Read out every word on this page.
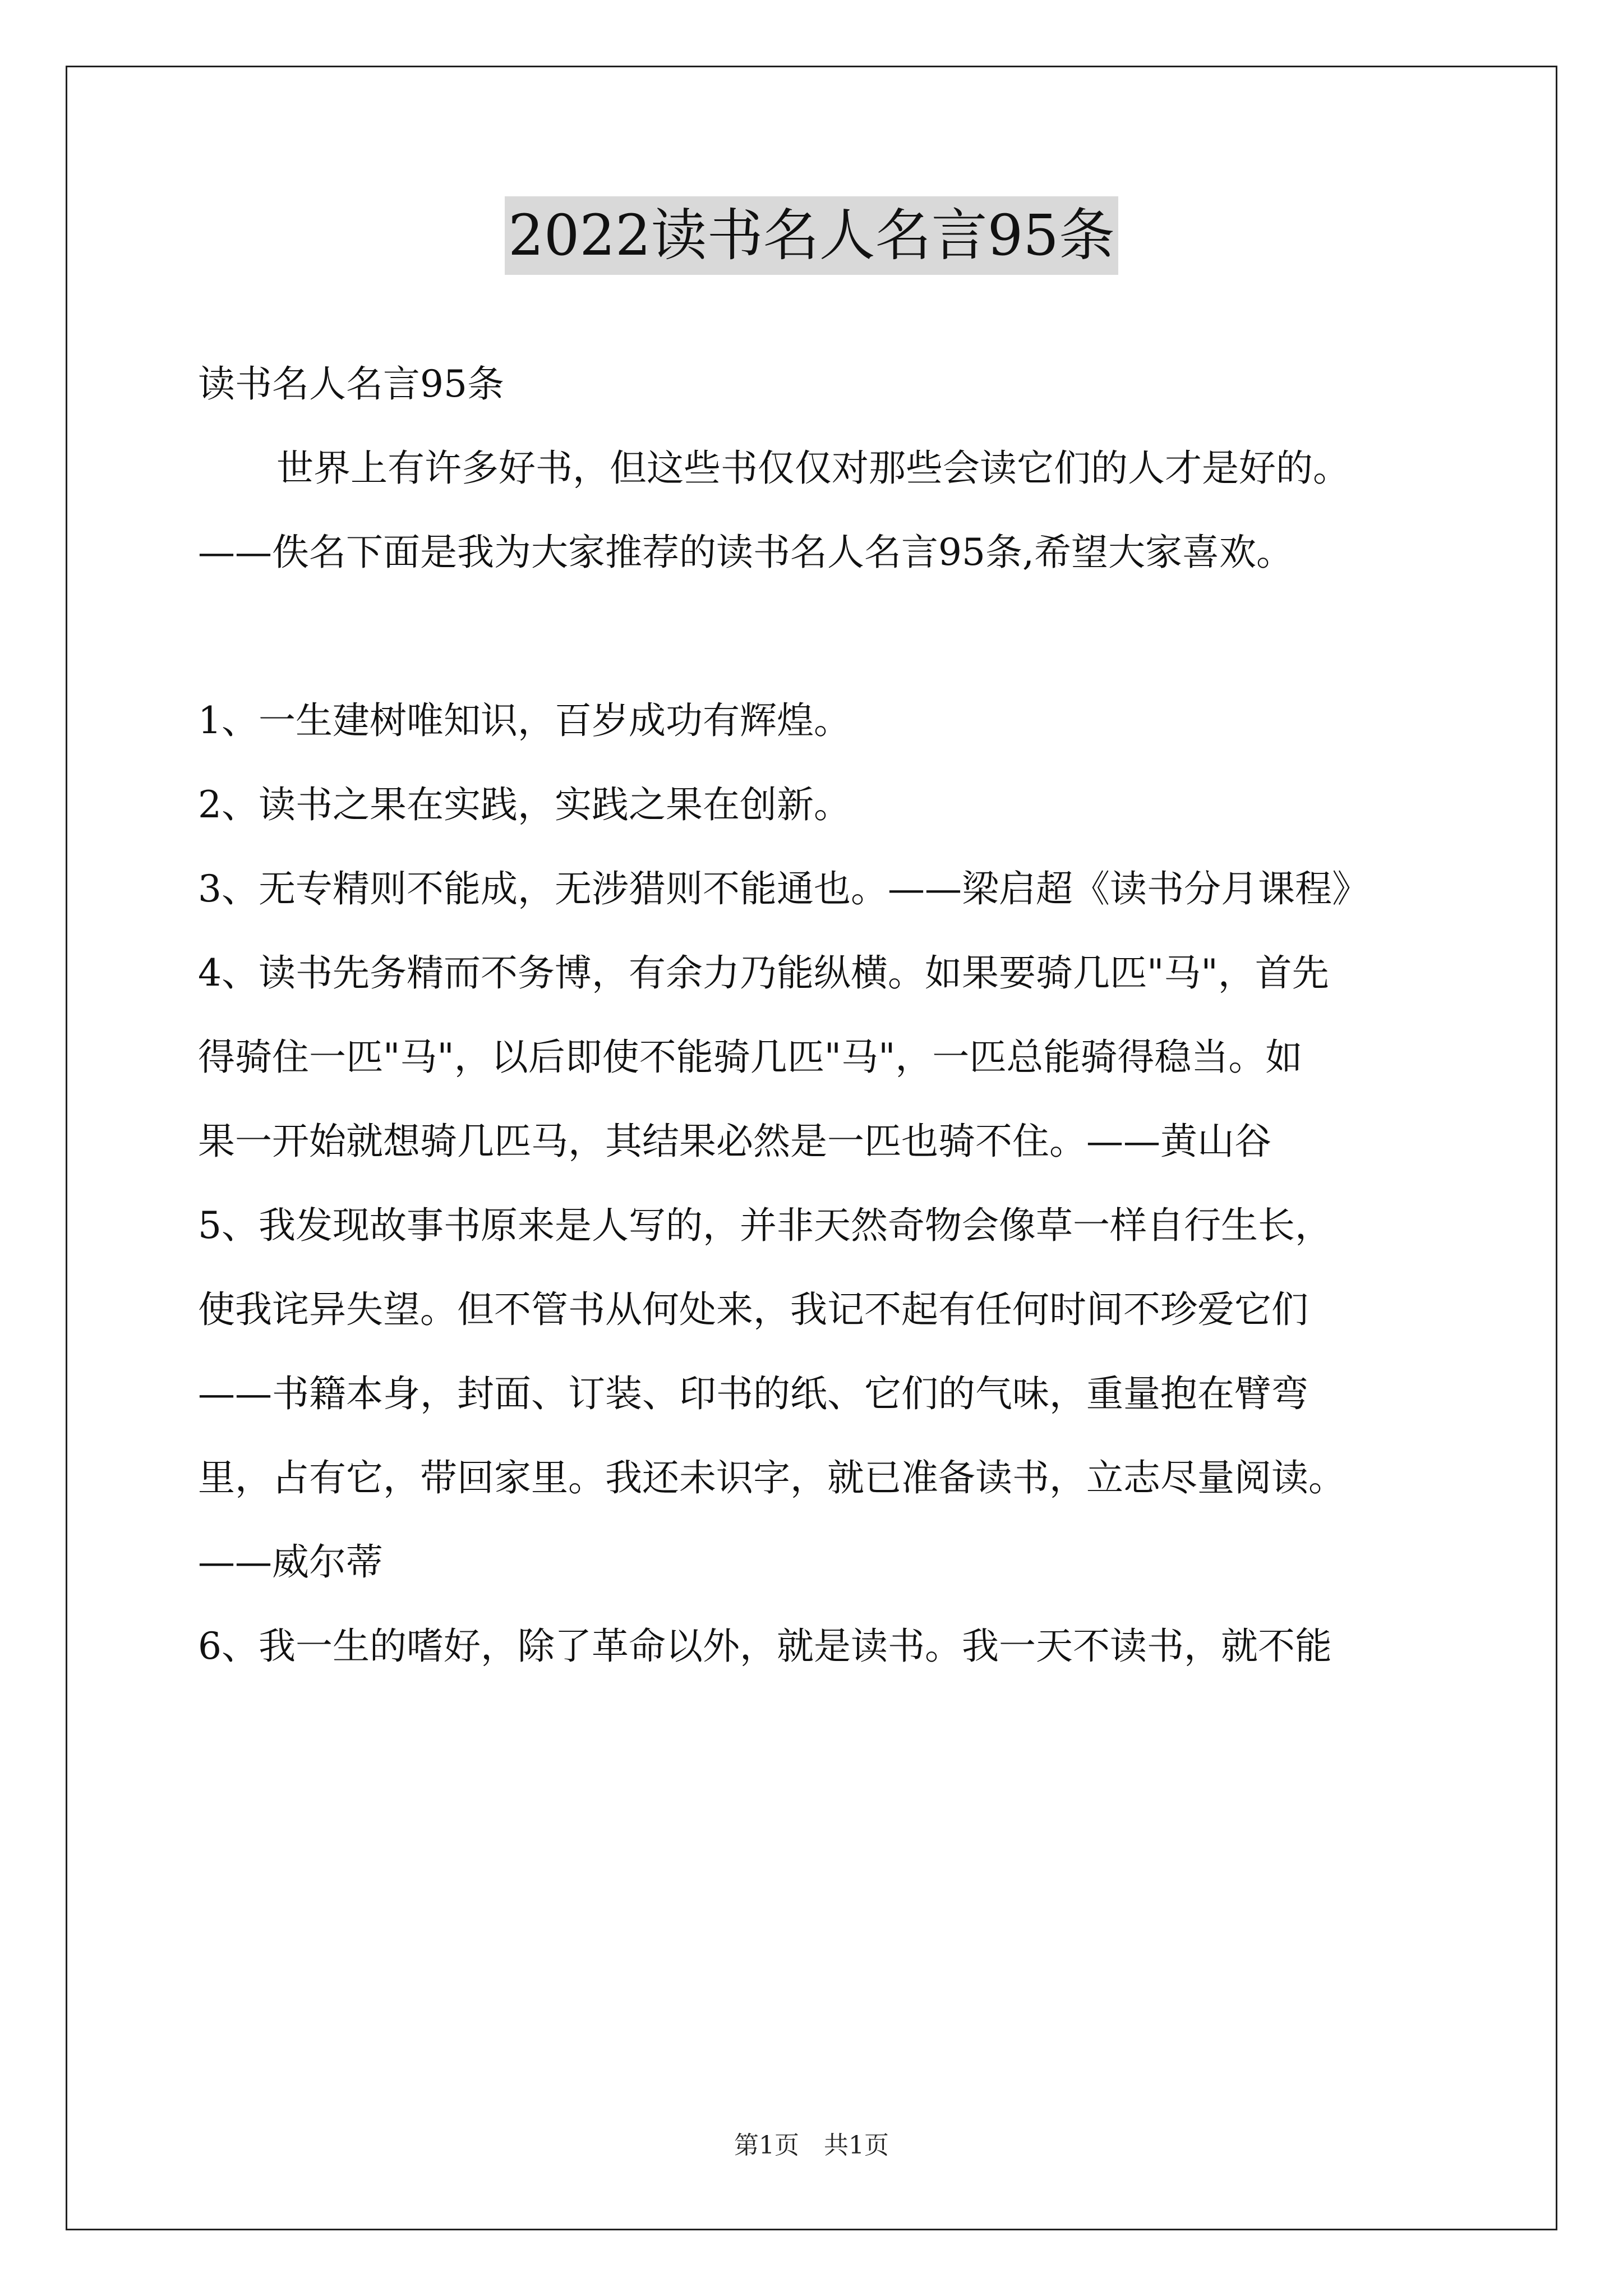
2022读书名人名言95条
读书名人名言95条
世界上有许多好书，但这些书仅仅对那些会读它们的人才是好的。
——佚名下面是我为大家推荐的读书名人名言95条,希望大家喜欢。
1、一生建树唯知识，百岁成功有辉煌。
2、读书之果在实践，实践之果在创新。
3、无专精则不能成，无涉猎则不能通也。——梁启超《读书分月课程》
4、读书先务精而不务博，有余力乃能纵横。如果要骑几匹"马"，首先
得骑住一匹"马"，以后即使不能骑几匹"马"，一匹总能骑得稳当。如
果一开始就想骑几匹马，其结果必然是一匹也骑不住。——黄山谷
5、我发现故事书原来是人写的，并非天然奇物会像草一样自行生长，
使我诧异失望。但不管书从何处来，我记不起有任何时间不珍爱它们
——书籍本身，封面、订装、印书的纸、它们的气味，重量抱在臂弯
里，占有它，带回家里。我还未识字，就已准备读书，立志尽量阅读。
——威尔蒂
6、我一生的嗜好，除了革命以外，就是读书。我一天不读书，就不能
第1页　共1页
